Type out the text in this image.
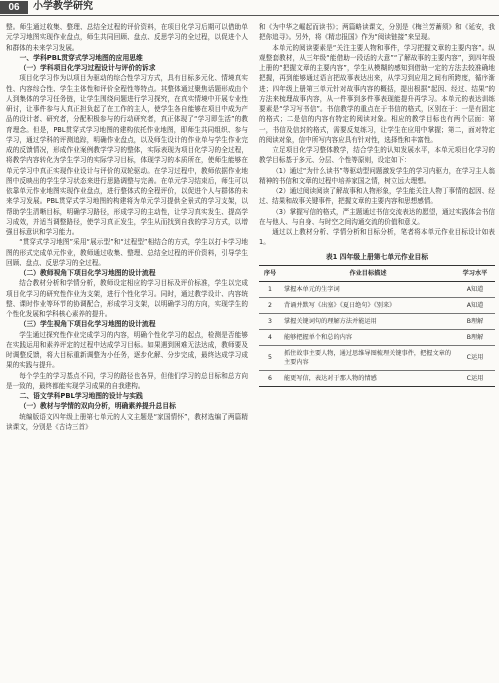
06	小学教学研究

整。师生通过收集、整理、总结全过程的评价资料，在项目化学习后期可以借助单元学习地图实现作业盘点，师生共同回顾、盘点、反思学习的全过程，以促进个人和群体的未来学习发展。

一、学科PBL贯穿式学习地图的应用思维
（一）学科项目化学习过程设计与评价的诉求

项目化学习作为以项目为驱动的综合性学习方式，具有目标多元化、情境真实性、内容综合性、学生主体性和评价全程性等特点。其整体通过聚焦话题形成由个人到集体的学习任务链，让学生围绕问题进行学习探究，在真实情境中开展专业性研讨，让事件参与人真正担负起了在工作的主人，使学生各自能够在项目中成为产品的设计者、研究者，分配积极参与的行动研究者，真正体现了“学习即生活”的教育理念。但是，PBL贯穿式学习地图的建构依托作业地图，即师生共同组织、参与学习，通过学科的评测追踪，明确作业盘点，以及师生设计的作业单与学生作业完成的反馈情况，形成作业案例教学学习的整体，实际表现为项目化学习的全过程，将教学内容转化为学生学习的实际学习目标，体现学习的本质所在，使师生能够在单元学习中真正实现作业设计与评价的双轮驱动。在学习过程中，教师依据作业地图中反映出的学生学习状态来进行思路调整与完善。在单元学习结束后，师生可以依靠单元作业地图实现作业盘点，进行整体式的全程评价，以促进个人与群体的未来学习发展。PBL贯穿式学习地图的构建将为单元学习提供全景式的学习支架，以帮助学生清晰目标，明确学习路径，形成学习的主动性，让学习真实发生、提高学习成效，并适当调整路径，使学习真正发生，学生从而找到自我的学习方式，以增强目标意识和学习能力。

“贯穿式学习地图”采用“展示型”和“过程型”相结合的方式，学生以打卡学习地图的形式完成单元作业，教师通过收集、整理、总结全过程的评价资料，引导学生回顾、盘点、反思学习的全过程。

（二）教师视角下项目化学习地图的设计流程

结合教材分析和学情分析，教师设定相应的学习目标及评价标准，学生以完成项目化学习的研究性作业为支架，进行个性化学习。同时，通过教学设计、内容统整、课时作业等环节的协调配合，形成学习支架，以明确学习的方向，实现学生的个性化发展和学科核心素养的提升。

（三）学生视角下项目化学习地图的设计流程

学生通过探究性作业完成学习的内容，明确个性化学习的起点，检测是否能够在实践运用和素养评定的过程中达成学习目标。如果遇到困难无法达成，教师要及时调整反馈，将大目标重新调整为小任务，逐步化解、分步完成，最终达成学习成果的实践与提升。

每个学生的学习基点不同，学习的路径也各异，但他们学习的总目标和总方向是一致的，最终都能实现学习成果的自我建构。

二、语文学科PBL学习地图的设计与实践
（一）教材与学情的双向分析，明确素养提升总目标

统编版语文四年级上册第七单元的人文主题是“家国情怀”，教材选编了两篇精读课文，分别是《古诗三首》

和《为中华之崛起而读书》；两篇略读课文，分别是《梅兰芳蓄须》和《延安，我把你追寻》。另外，将《精忠报国》作为“阅读链接”来呈现。

本单元的阅读要素是“关注主要人物和事件，学习把握文章的主要内容”。纵观整套教材，从三年级“能借助一段话的大意”“了解故事的主要内容”，到四年级上册的“把握文章的主要内容”，学生从模糊的感知到借助一定的方法去较准确地把握，再到能够通过语言把故事表达出来，从学习到应用之间有所跨度，循序渐进；四年级上册第三单元针对故事内容的概括，提出根据“起因、经过、结果”的方法来梳理故事内容，从一件事到多件事表现能提升再学习。本单元的表达训练要素是“学习写书信”。书信教学的重点在于书信的格式，区别在于：一是有固定的格式；二是信的内容有特定的阅读对象。相应的教学目标也有两个层面：第一，书信及信封的格式，需要反复练习，让学生在应用中掌握；第二，面对特定的阅读对象，信中所写内容应具有针对性，选择性和丰富性。

立足项目化学习整体教学，结合学生的认知发展水平，本单元项目化学习的教学目标基于多元、分层、个性等原则，设定如下：

（1）通过“为什么读书”等驱动型问题激发学生的学习内驱力，在学习主人翁精神的书信和文章的过程中培养家国之情，树立远大理想。

（2）通过阅读阅读了解故事和人物形象，学生能关注人物丁事情的起因、经过、结果和故事关键事件，把握文章的主要内容和思想感情。

（3）掌握写信的格式，严主题通过书信交流表达的愿望，通过实践体会书信在与他人、与自身、与时空之间沟通交流的价值和意义。

通过以上教材分析、学情分析和目标分析，笔者将本单元作业目标设计如表1。

表1 四年级上册第七单元作业目标
序号	作业目标描述	学习水平
1	掌握本单元的生字词	A知道
2	背诵并默写《出塞》《夏日绝句》《别来》	A知道
3	掌握关键词句的理解方法并能运用	B理解
4	能够把握单个和总的内容	B理解
5	抓住故事主要人物，通过思维导图梳理关键事件，把握文章的主要内容	C运用
6	能更写信，表达对于那人物的情感	C运用
